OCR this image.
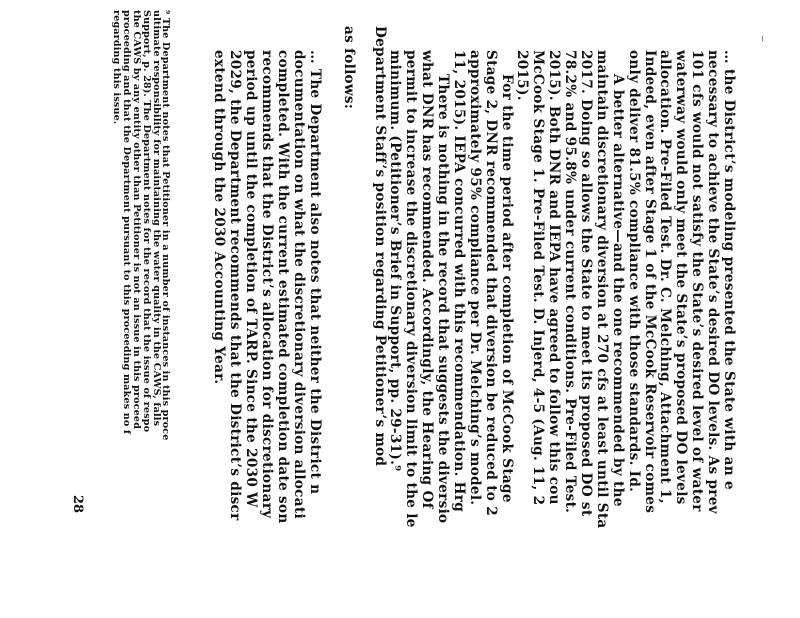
… the District’s modeling presented the State with an e
necessary to achieve the State’s desired DO levels. As prev
101 cfs would not satisfy the State’s desired level of water
waterway would only meet the State’s proposed DO levels
allocation. Pre-Filed Test. Dr. C. Melching, Attachment 1,
Indeed, even after Stage 1 of the McCook Reservoir comes
only deliver 81.5% compliance with those standards. Id.
A better alternative—and the one recommended by the
maintain discretionary diversion at 270 cfs at least until Sta
2017. Doing so allows the State to meet its proposed DO st
78.2% and 95.8% under current conditions. Pre-Filed Test.
2015). Both DNR and IEPA have agreed to follow this cou
McCook Stage 1. Pre-Filed Test. D. Injerd, 4-5 (Aug. 11, 2
2015).
For the time period after completion of McCook Stage
Stage 2, DNR recommended that diversion be reduced to 2
approximately 95% compliance per Dr. Melching’s model.
11, 2015). IEPA concurred with this recommendation. Hrg
There is nothing in the record that suggests the diversio
what DNR has recommended. Accordingly, the Hearing Of
permit to increase the discretionary diversion limit to the le
minimum. (Petitioner’s Brief in Support, pp. 29-31).⁹
Department Staff’s position regarding Petitioner’s mod
as follows:
… The Department also notes that neither the District n
documentation on what the discretionary diversion allocati
completed. With the current estimated completion date son
recommends that the District’s allocation for discretionary
period up until the completion of TARP. Since the 2030 W
2029, the Department recommends that the District’s discr
extend through the 2030 Accounting Year.
⁹ The Department notes that Petitioner in a number of instances in this proce
ultimate responsibility for maintaining the water quality in the CAWS, falls
Support, p. 28). The Department notes for the record that the issue of respo
the CAWS by any entity other than Petitioner is not an issue in this proceed
proceeding and that the Department pursuant to this proceeding makes no f
regarding this issue.
28
